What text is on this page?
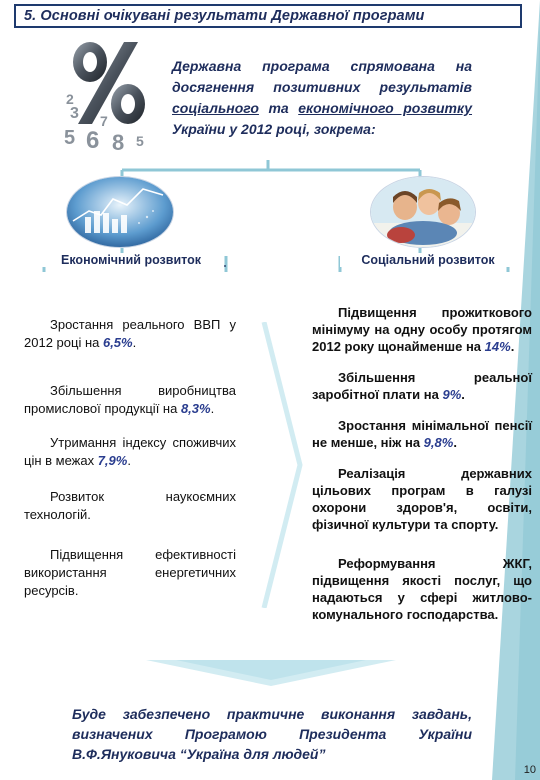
5. Основні очікувані результати Державної програми
2
3
5 6 8 5
7
Державна програма спрямована на досягнення позитивних результатів соціального та економічного розвитку України у 2012 році, зокрема:
Економічний розвиток	Соціальний розвиток
Зростання реального ВВП у 2012 році на 6,5%.
Збільшення виробництва промислової продукції на 8,3%.
Утримання індексу споживчих цін в межах 7,9%.
Розвиток наукоємних технологій.
Підвищення ефективності використання енергетичних ресурсів.
Підвищення прожиткового мінімуму на одну особу протягом 2012 року щонайменше на 14%.
Збільшення реальної заробітної плати на 9%.
Зростання мінімальної пенсії не менше, ніж на 9,8%.
Реалізація державних цільових програм в галузі охорони здоров'я, освіти, фізичної культури та спорту.
Реформування ЖКГ, підвищення якості послуг, що надаються у сфері житлово-комунального господарства.
Буде забезпечено практичне виконання завдань, визначених Програмою Президента України В.Ф.Януковича “Україна для людей”
10
